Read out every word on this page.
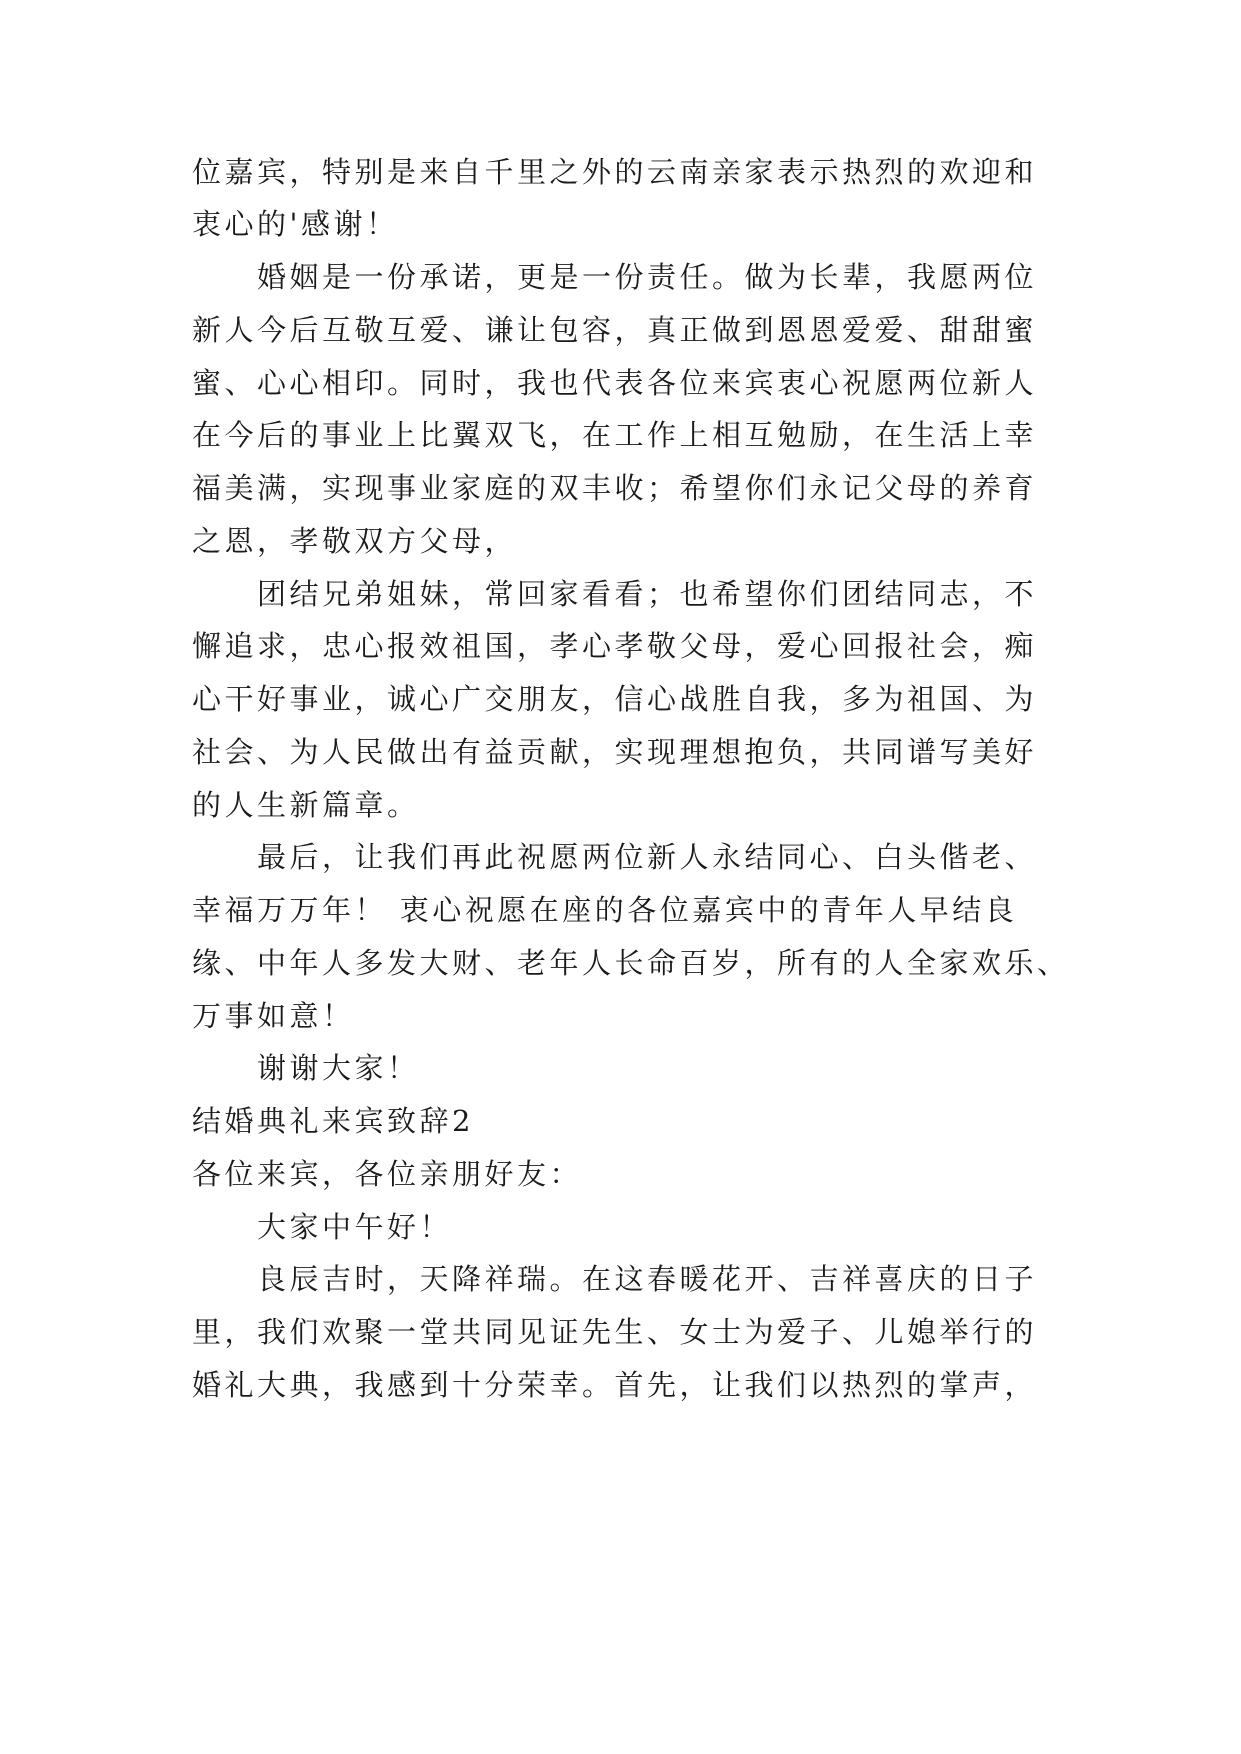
位嘉宾，特别是来自千里之外的云南亲家表示热烈的欢迎和

衷心的'感谢！

婚姻是一份承诺，更是一份责任。做为长辈，我愿两位

新人今后互敬互爱、谦让包容，真正做到恩恩爱爱、甜甜蜜

蜜、心心相印。同时，我也代表各位来宾衷心祝愿两位新人

在今后的事业上比翼双飞，在工作上相互勉励，在生活上幸

福美满，实现事业家庭的双丰收；希望你们永记父母的养育

之恩，孝敬双方父母，

团结兄弟姐妹，常回家看看；也希望你们团结同志，不

懈追求，忠心报效祖国，孝心孝敬父母，爱心回报社会，痴

心干好事业，诚心广交朋友，信心战胜自我，多为祖国、为

社会、为人民做出有益贡献，实现理想抱负，共同谱写美好

的人生新篇章。

最后，让我们再此祝愿两位新人永结同心、白头偕老、

幸福万万年！ 衷心祝愿在座的各位嘉宾中的青年人早结良

缘、中年人多发大财、老年人长命百岁，所有的人全家欢乐、

万事如意！

谢谢大家！

结婚典礼来宾致辞2

各位来宾，各位亲朋好友：

大家中午好！

良辰吉时，天降祥瑞。在这春暖花开、吉祥喜庆的日子

里，我们欢聚一堂共同见证先生、女士为爱子、儿媳举行的

婚礼大典，我感到十分荣幸。首先，让我们以热烈的掌声，
